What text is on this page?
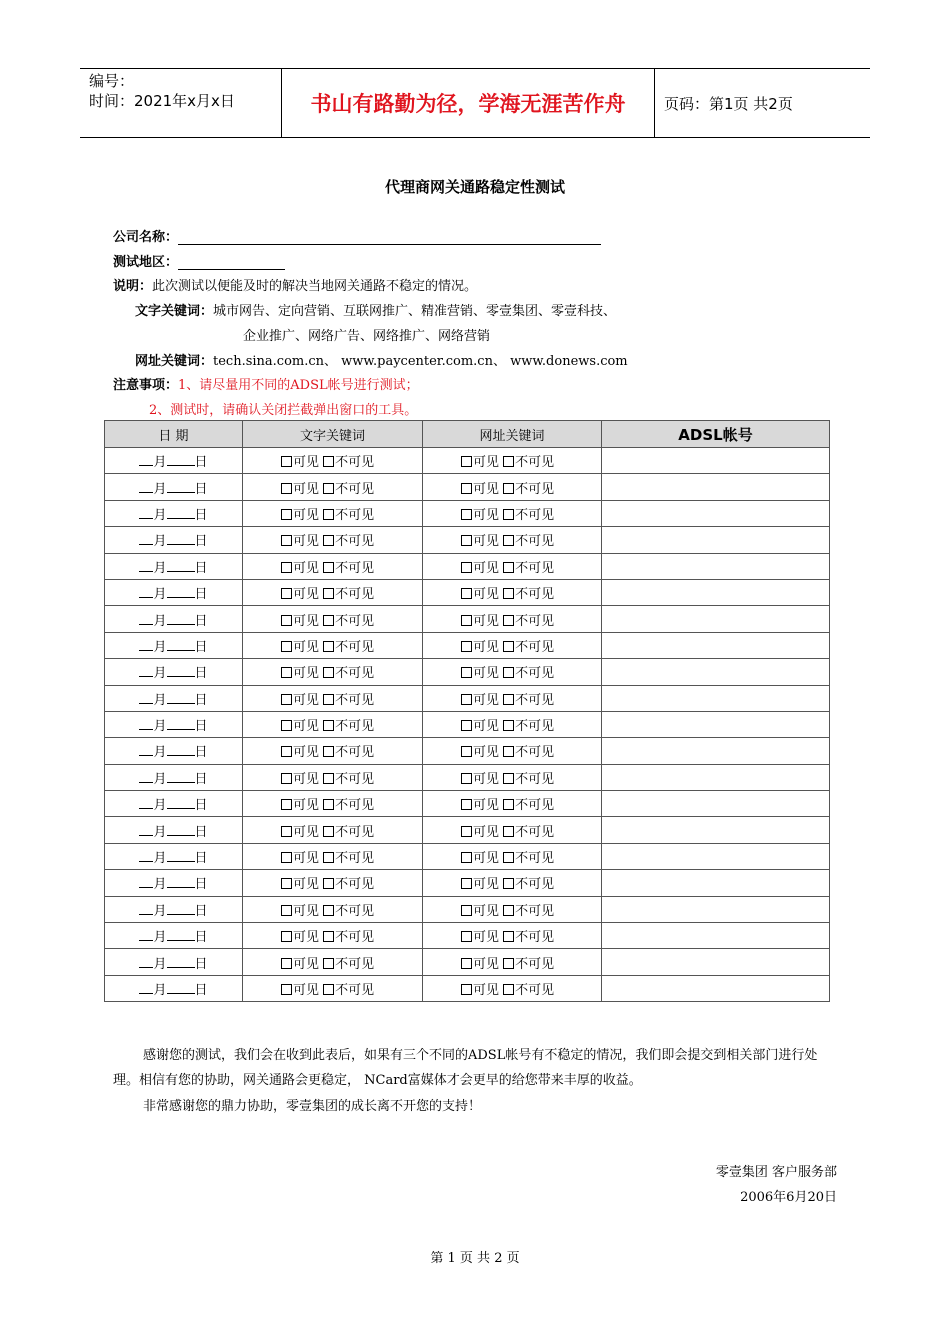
编号：
时间：2021年x月x日	书山有路勤为径，学海无涯苦作舟	页码：第1页 共2页
代理商网关通路稳定性测试
公司名称：
测试地区：
说明：此次测试以便能及时的解决当地网关通路不稳定的情况。
文字关键词：城市网告、定向营销、互联网推广、精准营销、零壹集团、零壹科技、
企业推广、网络广告、网络推广、网络营销
网址关键词：tech.sina.com.cn、 www.paycenter.com.cn、 www.donews.com
注意事项：1、请尽量用不同的ADSL帐号进行测试；
2、测试时，请确认关闭拦截弹出窗口的工具。
日 期	文字关键词	网址关键词	ADSL帐号
月 日	可见 不可见	可见 不可见	
月 日	可见 不可见	可见 不可见	
月 日	可见 不可见	可见 不可见	
月 日	可见 不可见	可见 不可见	
月 日	可见 不可见	可见 不可见	
月 日	可见 不可见	可见 不可见	
月 日	可见 不可见	可见 不可见	
月 日	可见 不可见	可见 不可见	
月 日	可见 不可见	可见 不可见	
月 日	可见 不可见	可见 不可见	
月 日	可见 不可见	可见 不可见	
月 日	可见 不可见	可见 不可见	
月 日	可见 不可见	可见 不可见	
月 日	可见 不可见	可见 不可见	
月 日	可见 不可见	可见 不可见	
月 日	可见 不可见	可见 不可见	
月 日	可见 不可见	可见 不可见	
月 日	可见 不可见	可见 不可见	
月 日	可见 不可见	可见 不可见	
月 日	可见 不可见	可见 不可见	
月 日	可见 不可见	可见 不可见	
感谢您的测试，我们会在收到此表后，如果有三个不同的ADSL帐号有不稳定的情况，我们即会提交到相关部门进行处理。相信有您的协助，网关通路会更稳定， NCard富媒体才会更早的给您带来丰厚的收益。
非常感谢您的鼎力协助，零壹集团的成长离不开您的支持！
零壹集团 客户服务部
2006年6月20日
第 1 页 共 2 页
